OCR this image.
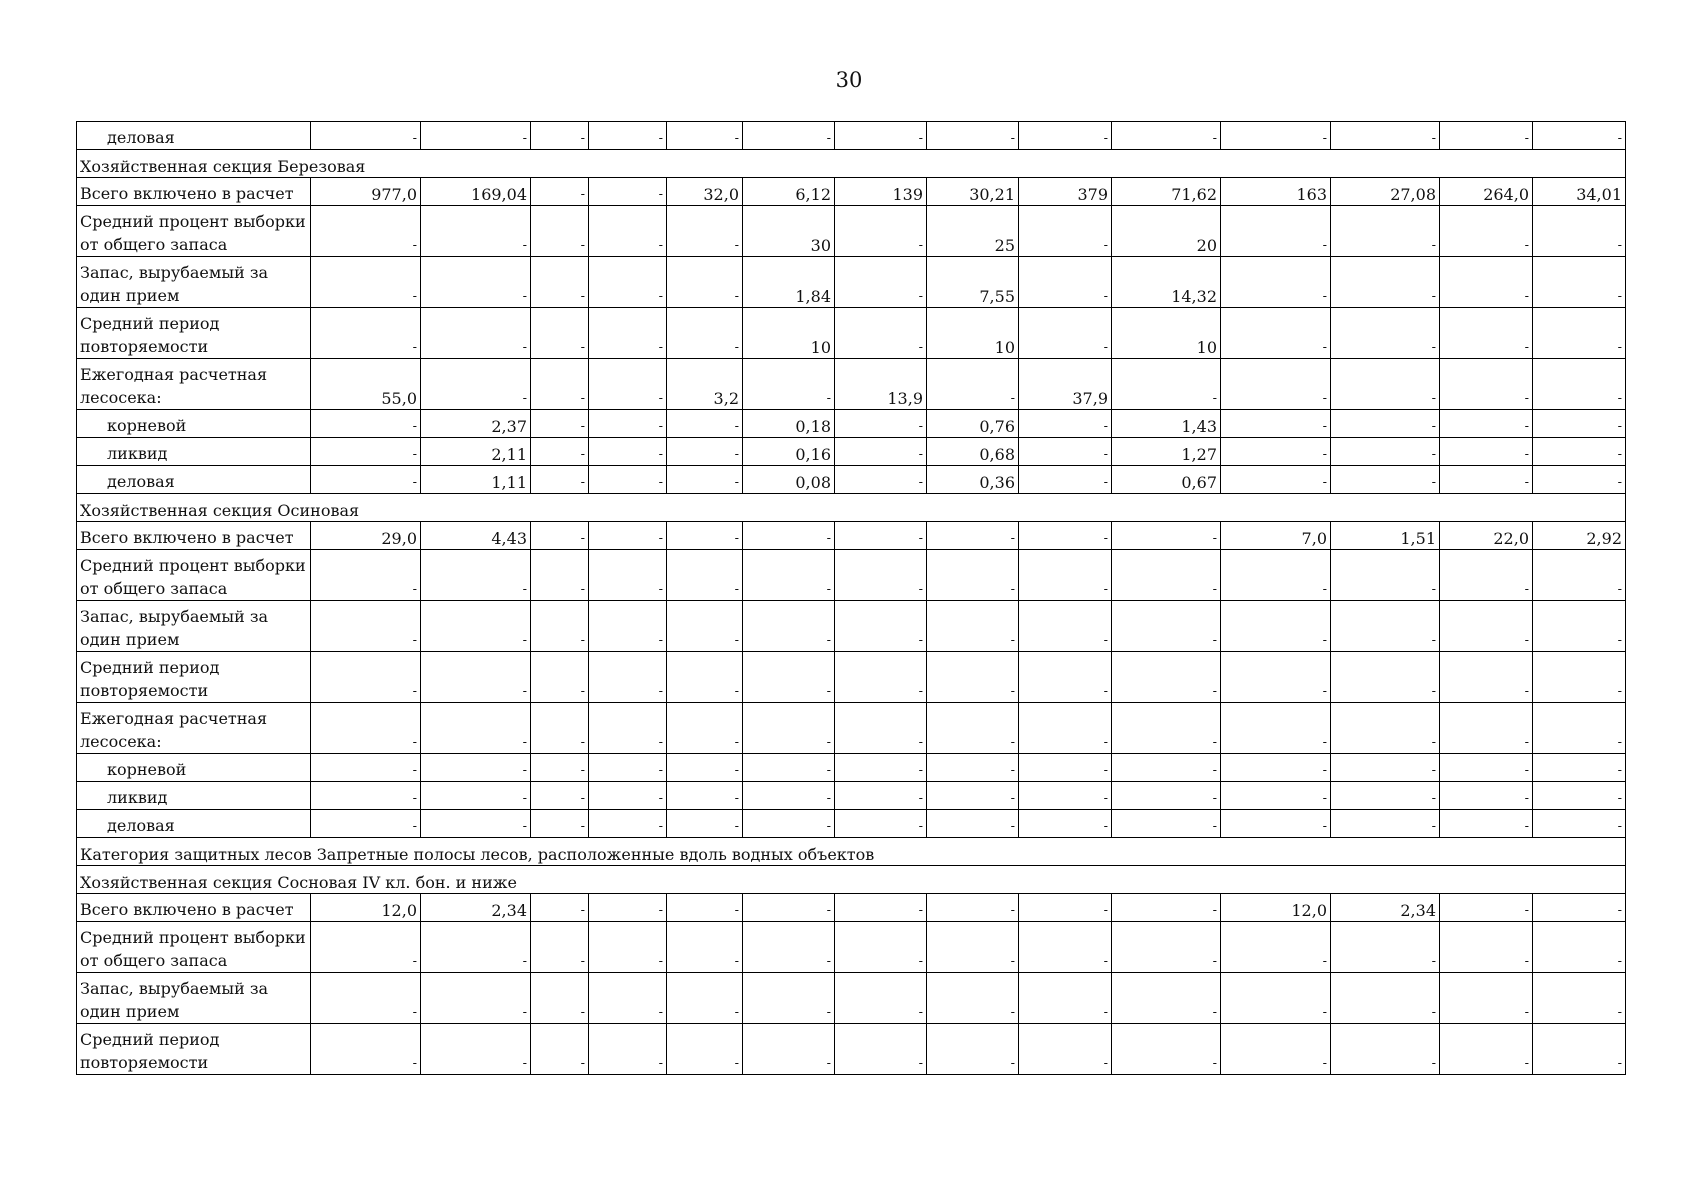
30
деловая	-	-	-	-	-	-	-	-	-	-	-	-	-	-
Хозяйственная секция Березовая														
Всего включено в расчет	977,0	169,04	-	-	32,0	6,12	139	30,21	379	71,62	163	27,08	264,0	34,01
Средний процент выборки от общего запаса	-	-	-	-	-	30	-	25	-	20	-	-	-	-
Запас, вырубаемый за один прием	-	-	-	-	-	1,84	-	7,55	-	14,32	-	-	-	-
Средний период повторяемости	-	-	-	-	-	10	-	10	-	10	-	-	-	-
Ежегодная расчетная лесосека:	55,0	-	-	-	3,2	-	13,9	-	37,9	-	-	-	-	-
корневой	-	2,37	-	-	-	0,18	-	0,76	-	1,43	-	-	-	-
ликвид	-	2,11	-	-	-	0,16	-	0,68	-	1,27	-	-	-	-
деловая	-	1,11	-	-	-	0,08	-	0,36	-	0,67	-	-	-	-
Хозяйственная секция Осиновая														
Всего включено в расчет	29,0	4,43	-	-	-	-	-	-	-	-	7,0	1,51	22,0	2,92
Средний процент выборки от общего запаса	-	-	-	-	-	-	-	-	-	-	-	-	-	-
Запас, вырубаемый за один прием	-	-	-	-	-	-	-	-	-	-	-	-	-	-
Средний период повторяемости	-	-	-	-	-	-	-	-	-	-	-	-	-	-
Ежегодная расчетная лесосека:	-	-	-	-	-	-	-	-	-	-	-	-	-	-
корневой	-	-	-	-	-	-	-	-	-	-	-	-	-	-
ликвид	-	-	-	-	-	-	-	-	-	-	-	-	-	-
деловая	-	-	-	-	-	-	-	-	-	-	-	-	-	-
Категория защитных лесов Запретные полосы лесов, расположенные вдоль водных объектов														
Хозяйственная секция Сосновая IV кл. бон. и ниже														
Всего включено в расчет	12,0	2,34	-	-	-	-	-	-	-	-	12,0	2,34	-	-
Средний процент выборки от общего запаса	-	-	-	-	-	-	-	-	-	-	-	-	-	-
Запас, вырубаемый за один прием	-	-	-	-	-	-	-	-	-	-	-	-	-	-
Средний период повторяемости	-	-	-	-	-	-	-	-	-	-	-	-	-	-
